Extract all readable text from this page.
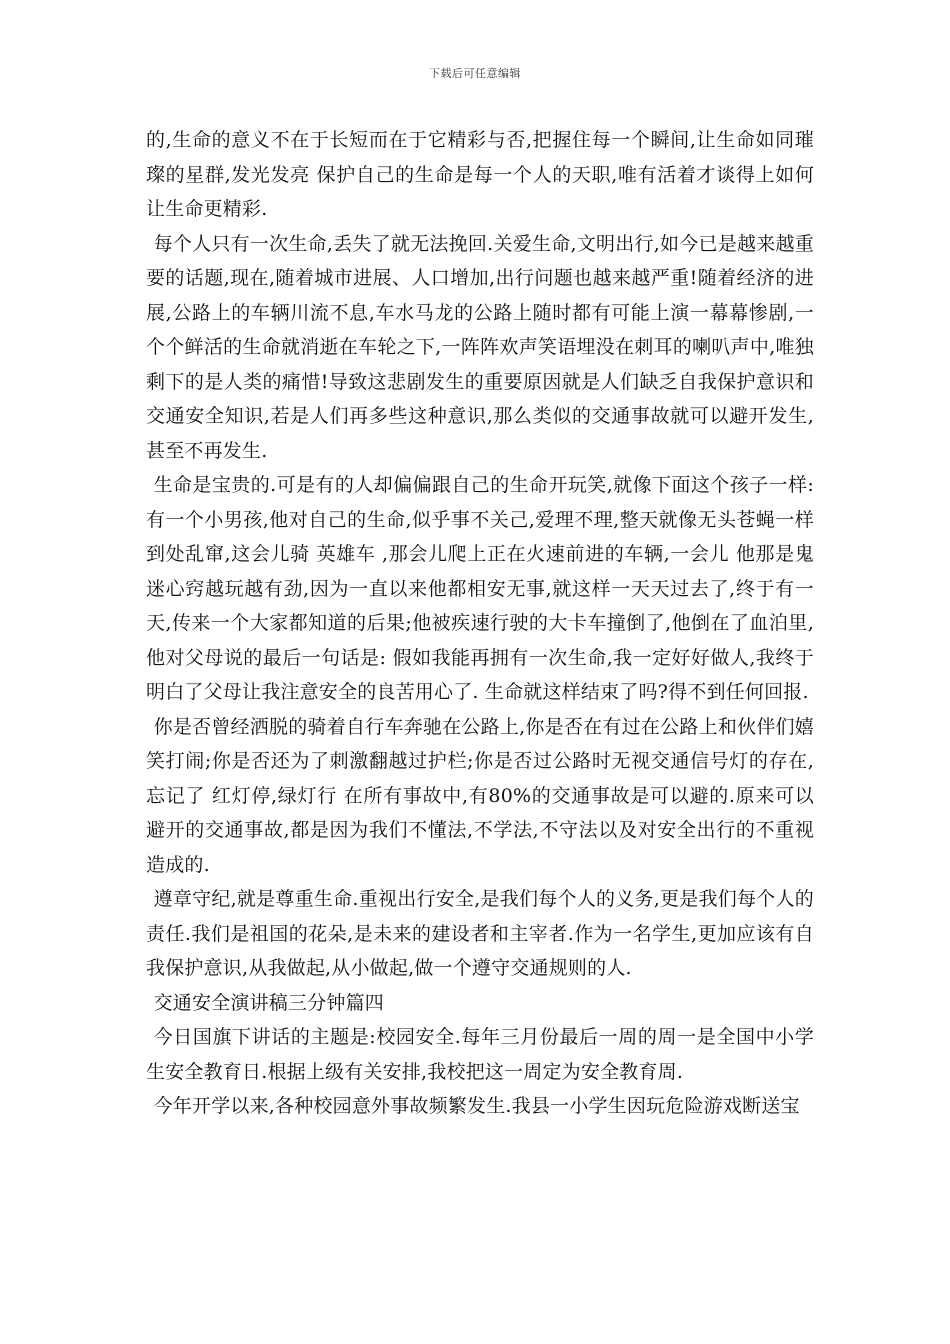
下载后可任意编辑

的,生命的意义不在于长短而在于它精彩与否,把握住每一个瞬间,让生命如同璀璨的星群,发光发亮 保护自己的生命是每一个人的天职,唯有活着才谈得上如何让生命更精彩.

每个人只有一次生命,丢失了就无法挽回.关爱生命,文明出行,如今已是越来越重要的话题,现在,随着城市进展、人口增加,出行问题也越来越严重!随着经济的进展,公路上的车辆川流不息,车水马龙的公路上随时都有可能上演一幕幕惨剧,一个个鲜活的生命就消逝在车轮之下,一阵阵欢声笑语埋没在刺耳的喇叭声中,唯独剩下的是人类的痛惜!导致这悲剧发生的重要原因就是人们缺乏自我保护意识和交通安全知识,若是人们再多些这种意识,那么类似的交通事故就可以避开发生,甚至不再发生.

生命是宝贵的.可是有的人却偏偏跟自己的生命开玩笑,就像下面这个孩子一样:有一个小男孩,他对自己的生命,似乎事不关己,爱理不理,整天就像无头苍蝇一样到处乱窜,这会儿骑 英雄车 ,那会儿爬上正在火速前进的车辆,一会儿 他那是鬼迷心窍越玩越有劲,因为一直以来他都相安无事,就这样一天天过去了,终于有一天,传来一个大家都知道的后果;他被疾速行驶的大卡车撞倒了,他倒在了血泊里,他对父母说的最后一句话是: 假如我能再拥有一次生命,我一定好好做人,我终于明白了父母让我注意安全的良苦用心了. 生命就这样结束了吗?得不到任何回报.

你是否曾经洒脱的骑着自行车奔驰在公路上,你是否在有过在公路上和伙伴们嬉笑打闹;你是否还为了刺激翻越过护栏;你是否过公路时无视交通信号灯的存在,忘记了 红灯停,绿灯行 在所有事故中,有80%的交通事故是可以避的.原来可以避开的交通事故,都是因为我们不懂法,不学法,不守法以及对安全出行的不重视造成的.

遵章守纪,就是尊重生命.重视出行安全,是我们每个人的义务,更是我们每个人的责任.我们是祖国的花朵,是未来的建设者和主宰者.作为一名学生,更加应该有自我保护意识,从我做起,从小做起,做一个遵守交通规则的人.

交通安全演讲稿三分钟篇四

今日国旗下讲话的主题是:校园安全.每年三月份最后一周的周一是全国中小学生安全教育日.根据上级有关安排,我校把这一周定为安全教育周.

今年开学以来,各种校园意外事故频繁发生.我县一小学生因玩危险游戏断送宝
